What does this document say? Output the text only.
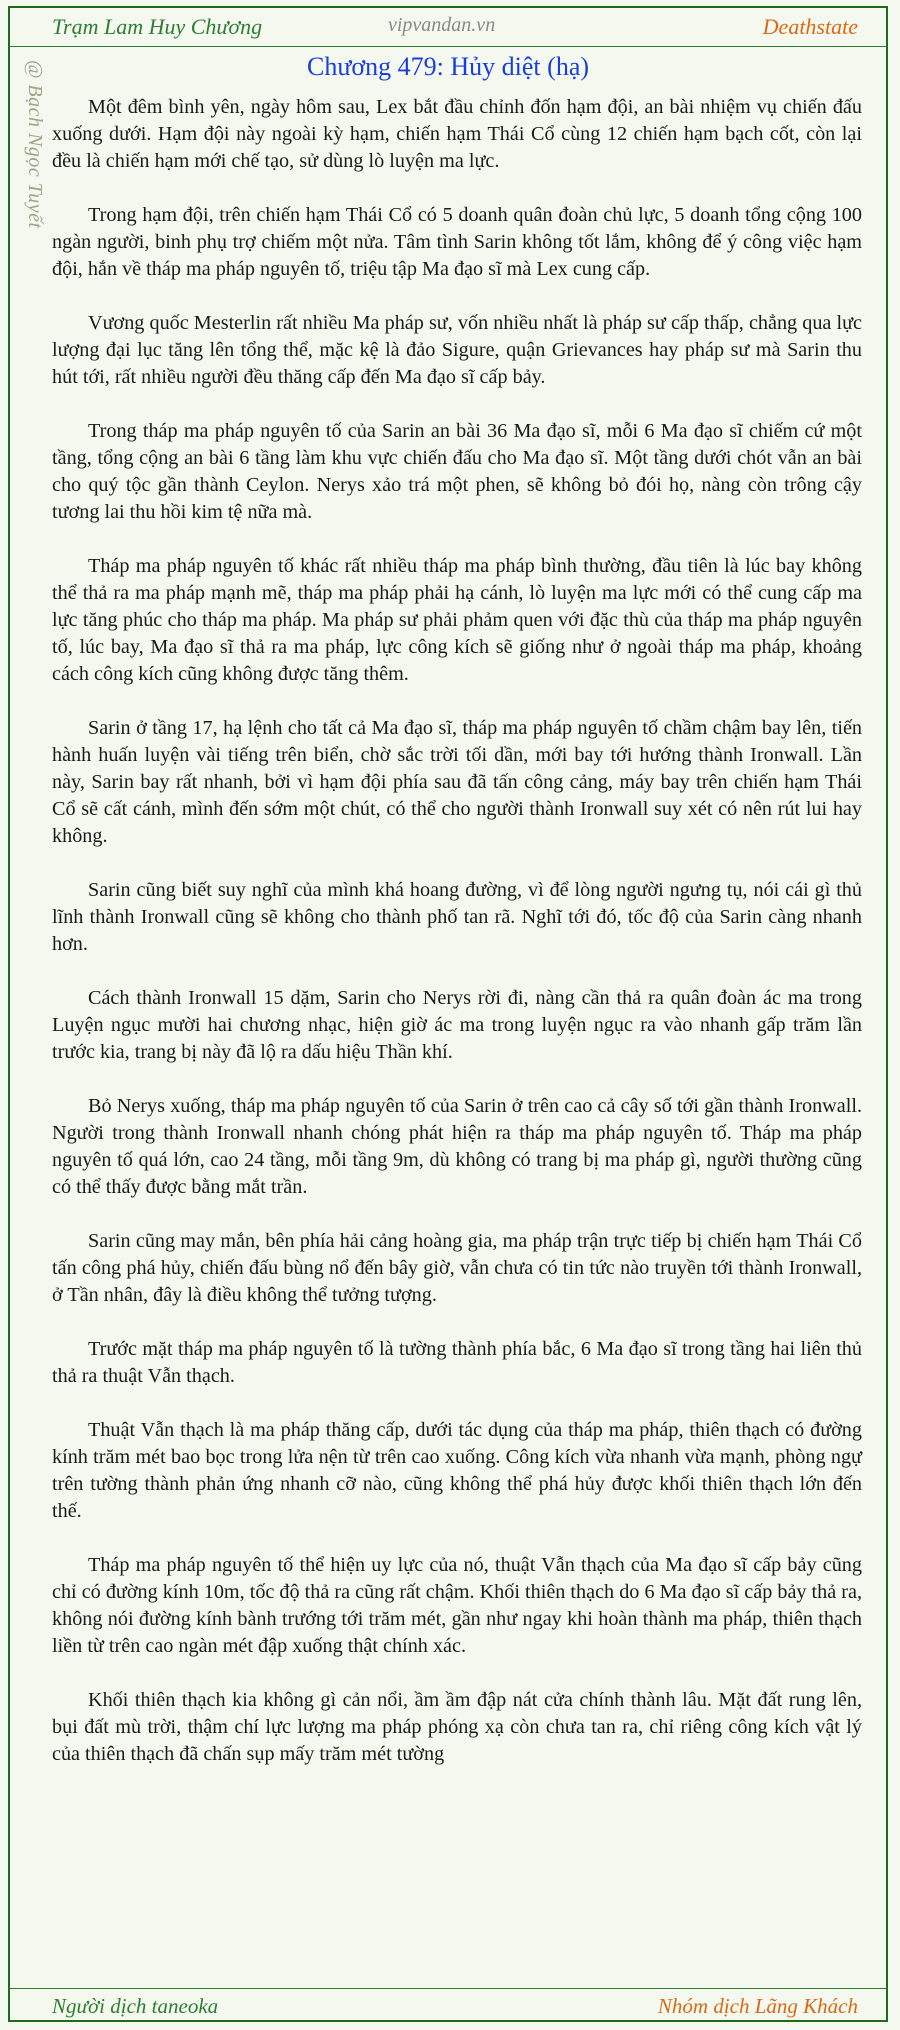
Trạm Lam Huy Chương	vipvandan.vn	Deathstate
@ Bạch Ngọc Tuyết	Chương 479: Hủy diệt (hạ)

Một đêm bình yên, ngày hôm sau, Lex bắt đầu chỉnh đốn hạm đội, an bài nhiệm vụ chiến đấu xuống dưới. Hạm đội này ngoài kỳ hạm, chiến hạm Thái Cổ cùng 12 chiến hạm bạch cốt, còn lại đều là chiến hạm mới chế tạo, sử dùng lò luyện ma lực.

Trong hạm đội, trên chiến hạm Thái Cổ có 5 doanh quân đoàn chủ lực, 5 doanh tổng cộng 100 ngàn người, binh phụ trợ chiếm một nửa. Tâm tình Sarin không tốt lắm, không để ý công việc hạm đội, hắn về tháp ma pháp nguyên tố, triệu tập Ma đạo sĩ mà Lex cung cấp.

Vương quốc Mesterlin rất nhiều Ma pháp sư, vốn nhiều nhất là pháp sư cấp thấp, chẳng qua lực lượng đại lục tăng lên tổng thể, mặc kệ là đảo Sigure, quận Grievances hay pháp sư mà Sarin thu hút tới, rất nhiều người đều thăng cấp đến Ma đạo sĩ cấp bảy.

Trong tháp ma pháp nguyên tố của Sarin an bài 36 Ma đạo sĩ, mỗi 6 Ma đạo sĩ chiếm cứ một tầng, tổng cộng an bài 6 tầng làm khu vực chiến đấu cho Ma đạo sĩ. Một tầng dưới chót vẫn an bài cho quý tộc gần thành Ceylon. Nerys xảo trá một phen, sẽ không bỏ đói họ, nàng còn trông cậy tương lai thu hồi kim tệ nữa mà.

Tháp ma pháp nguyên tố khác rất nhiều tháp ma pháp bình thường, đầu tiên là lúc bay không thể thả ra ma pháp mạnh mẽ, tháp ma pháp phải hạ cánh, lò luyện ma lực mới có thể cung cấp ma lực tăng phúc cho tháp ma pháp. Ma pháp sư phải phảm quen với đặc thù của tháp ma pháp nguyên tố, lúc bay, Ma đạo sĩ thả ra ma pháp, lực công kích sẽ giống như ở ngoài tháp ma pháp, khoảng cách công kích cũng không được tăng thêm.

Sarin ở tầng 17, hạ lệnh cho tất cả Ma đạo sĩ, tháp ma pháp nguyên tố chầm chậm bay lên, tiến hành huấn luyện vài tiếng trên biển, chờ sắc trời tối dần, mới bay tới hướng thành Ironwall. Lần này, Sarin bay rất nhanh, bởi vì hạm đội phía sau đã tấn công cảng, máy bay trên chiến hạm Thái Cổ sẽ cất cánh, mình đến sớm một chút, có thể cho người thành Ironwall suy xét có nên rút lui hay không.

Sarin cũng biết suy nghĩ của mình khá hoang đường, vì để lòng người ngưng tụ, nói cái gì thủ lĩnh thành Ironwall cũng sẽ không cho thành phố tan rã. Nghĩ tới đó, tốc độ của Sarin càng nhanh hơn.

Cách thành Ironwall 15 dặm, Sarin cho Nerys rời đi, nàng cần thả ra quân đoàn ác ma trong Luyện ngục mười hai chương nhạc, hiện giờ ác ma trong luyện ngục ra vào nhanh gấp trăm lần trước kia, trang bị này đã lộ ra dấu hiệu Thần khí.

Bỏ Nerys xuống, tháp ma pháp nguyên tố của Sarin ở trên cao cả cây số tới gần thành Ironwall. Người trong thành Ironwall nhanh chóng phát hiện ra tháp ma pháp nguyên tố. Tháp ma pháp nguyên tố quá lớn, cao 24 tầng, mỗi tầng 9m, dù không có trang bị ma pháp gì, người thường cũng có thể thấy được bằng mắt trần.

Sarin cũng may mắn, bên phía hải cảng hoàng gia, ma pháp trận trực tiếp bị chiến hạm Thái Cổ tấn công phá hủy, chiến đấu bùng nổ đến bây giờ, vẫn chưa có tin tức nào truyền tới thành Ironwall, ở Tần nhân, đây là điều không thể tưởng tượng.

Trước mặt tháp ma pháp nguyên tố là tường thành phía bắc, 6 Ma đạo sĩ trong tầng hai liên thủ thả ra thuật Vẫn thạch.

Thuật Vẫn thạch là ma pháp thăng cấp, dưới tác dụng của tháp ma pháp, thiên thạch có đường kính trăm mét bao bọc trong lửa nện từ trên cao xuống. Công kích vừa nhanh vừa mạnh, phòng ngự trên tường thành phản ứng nhanh cỡ nào, cũng không thể phá hủy được khối thiên thạch lớn đến thế.

Tháp ma pháp nguyên tố thể hiện uy lực của nó, thuật Vẫn thạch của Ma đạo sĩ cấp bảy cũng chỉ có đường kính 10m, tốc độ thả ra cũng rất chậm. Khối thiên thạch do 6 Ma đạo sĩ cấp bảy thả ra, không nói đường kính bành trướng tới trăm mét, gần như ngay khi hoàn thành ma pháp, thiên thạch liền từ trên cao ngàn mét đập xuống thật chính xác.

Khối thiên thạch kia không gì cản nổi, ầm ầm đập nát cửa chính thành lâu. Mặt đất rung lên, bụi đất mù trời, thậm chí lực lượng ma pháp phóng xạ còn chưa tan ra, chỉ riêng công kích vật lý của thiên thạch đã chấn sụp mấy trăm mét tường

Người dịch taneoka	Nhóm dịch Lãng Khách
